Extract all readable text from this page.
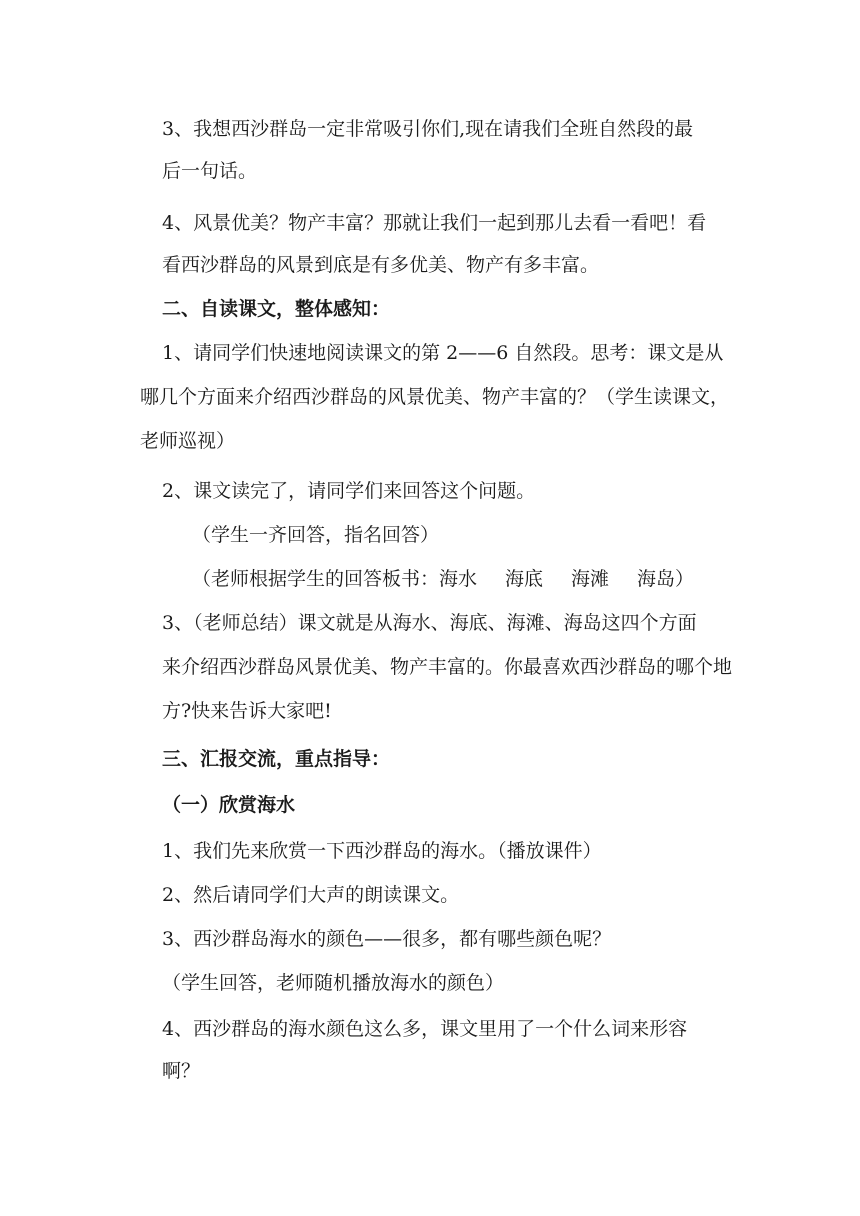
3、我想西沙群岛一定非常吸引你们,现在请我们全班自然段的最
后一句话。
4、风景优美？物产丰富？那就让我们一起到那儿去看一看吧！看
看西沙群岛的风景到底是有多优美、物产有多丰富。
二、自读课文，整体感知：
1、请同学们快速地阅读课文的第 2——6 自然段。思考：课文是从
哪几个方面来介绍西沙群岛的风景优美、物产丰富的？（学生读课文，
老师巡视）
2、课文读完了，请同学们来回答这个问题。
（学生一齐回答，指名回答）
（老师根据学生的回答板书：海水 海底 海滩 海岛）
3、（老师总结）课文就是从海水、海底、海滩、海岛这四个方面
来介绍西沙群岛风景优美、物产丰富的。你最喜欢西沙群岛的哪个地
方?快来告诉大家吧!
三、汇报交流，重点指导：
（一）欣赏海水
1、我们先来欣赏一下西沙群岛的海水。（播放课件）
2、然后请同学们大声的朗读课文。
3、西沙群岛海水的颜色——很多，都有哪些颜色呢？
（学生回答，老师随机播放海水的颜色）
4、西沙群岛的海水颜色这么多，课文里用了一个什么词来形容
啊？
